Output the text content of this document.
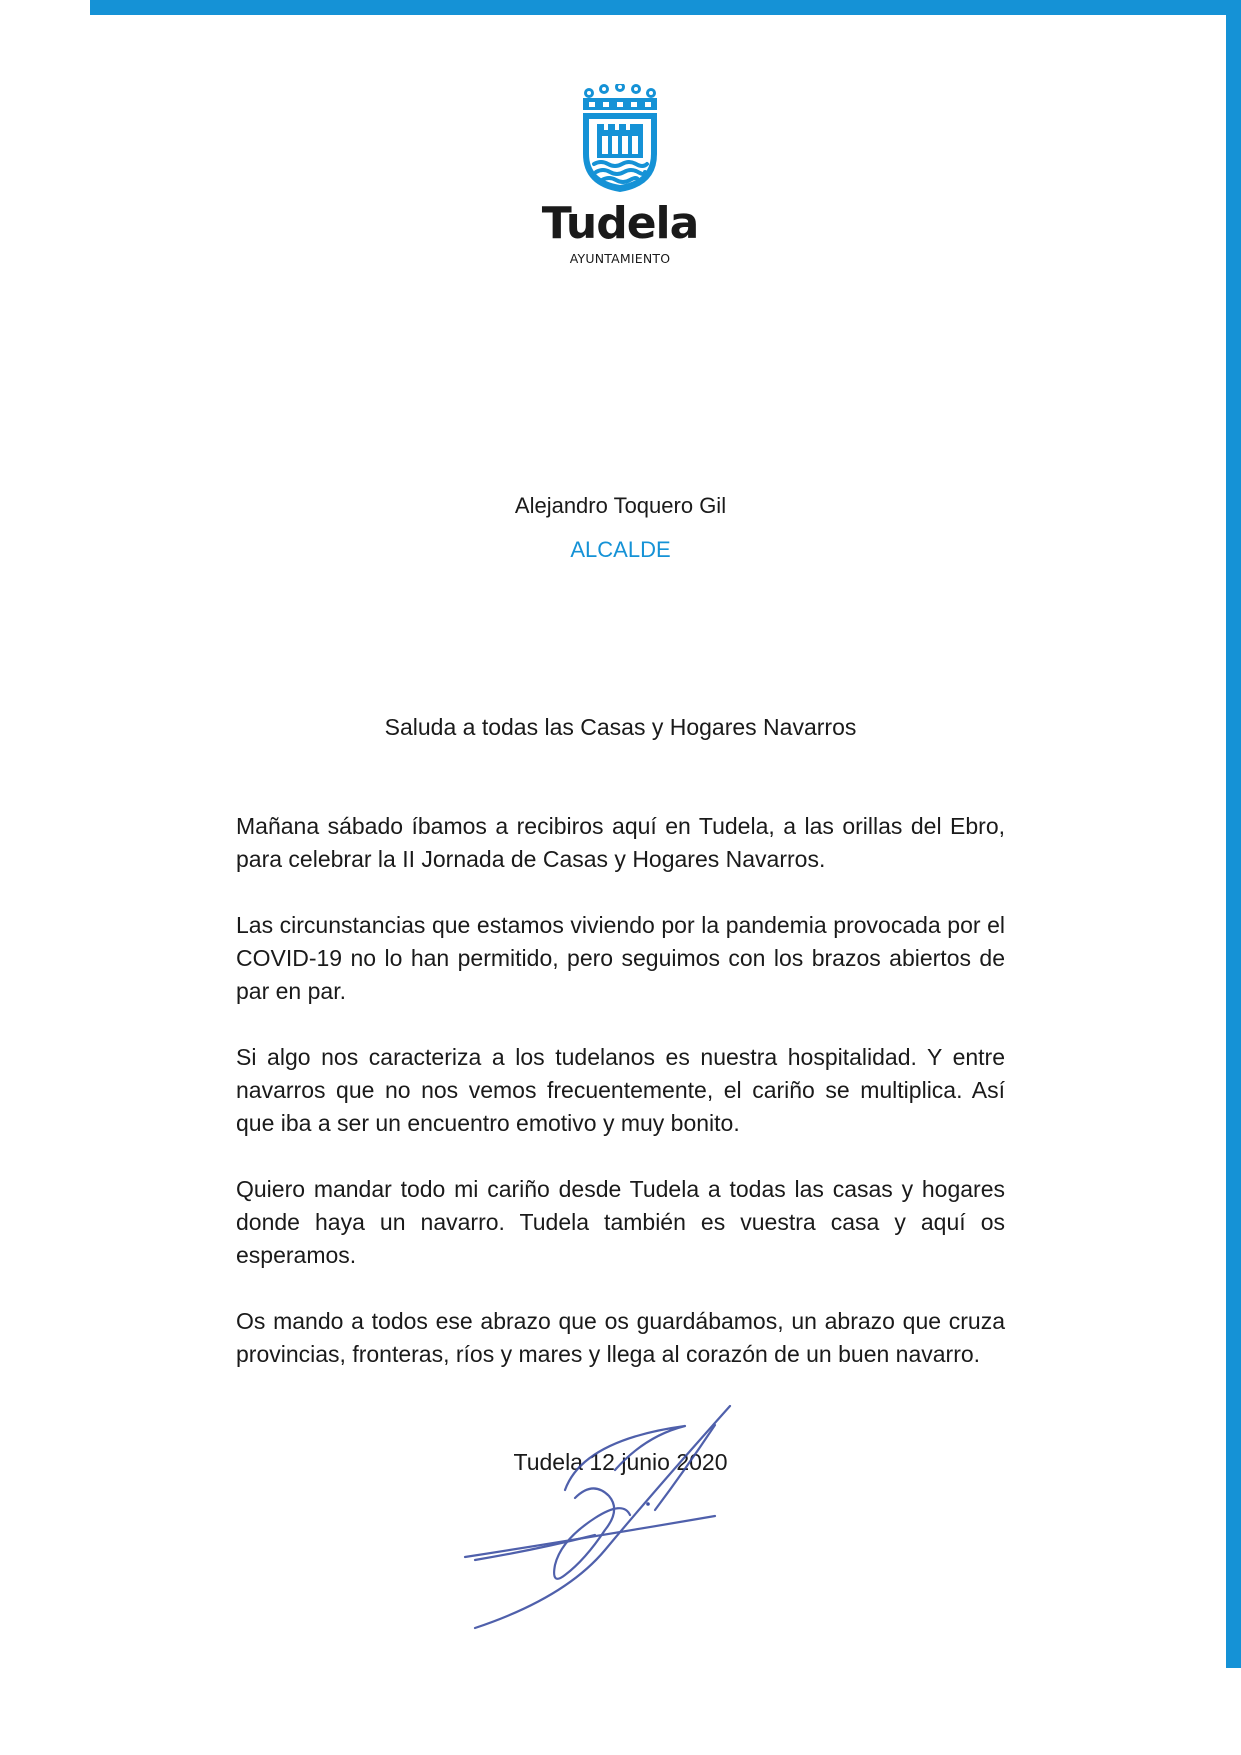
Tudela
AYUNTAMIENTO
Alejandro Toquero Gil
ALCALDE
Saluda a todas las Casas y Hogares Navarros

Mañana sábado íbamos a recibiros aquí en Tudela, a las orillas del Ebro, para celebrar la II Jornada de Casas y Hogares Navarros.

Las circunstancias que estamos viviendo por la pandemia provocada por el COVID-19 no lo han permitido, pero seguimos con los brazos abiertos de par en par.

Si algo nos caracteriza a los tudelanos es nuestra hospitalidad. Y entre navarros que no nos vemos frecuentemente, el cariño se multiplica. Así que iba a ser un encuentro emotivo y muy bonito.

Quiero mandar todo mi cariño desde Tudela a todas las casas y hogares donde haya un navarro. Tudela también es vuestra casa y aquí os esperamos.

Os mando a todos ese abrazo que os guardábamos, un abrazo que cruza provincias, fronteras, ríos y mares y llega al corazón de un buen navarro.

Tudela 12 junio 2020
